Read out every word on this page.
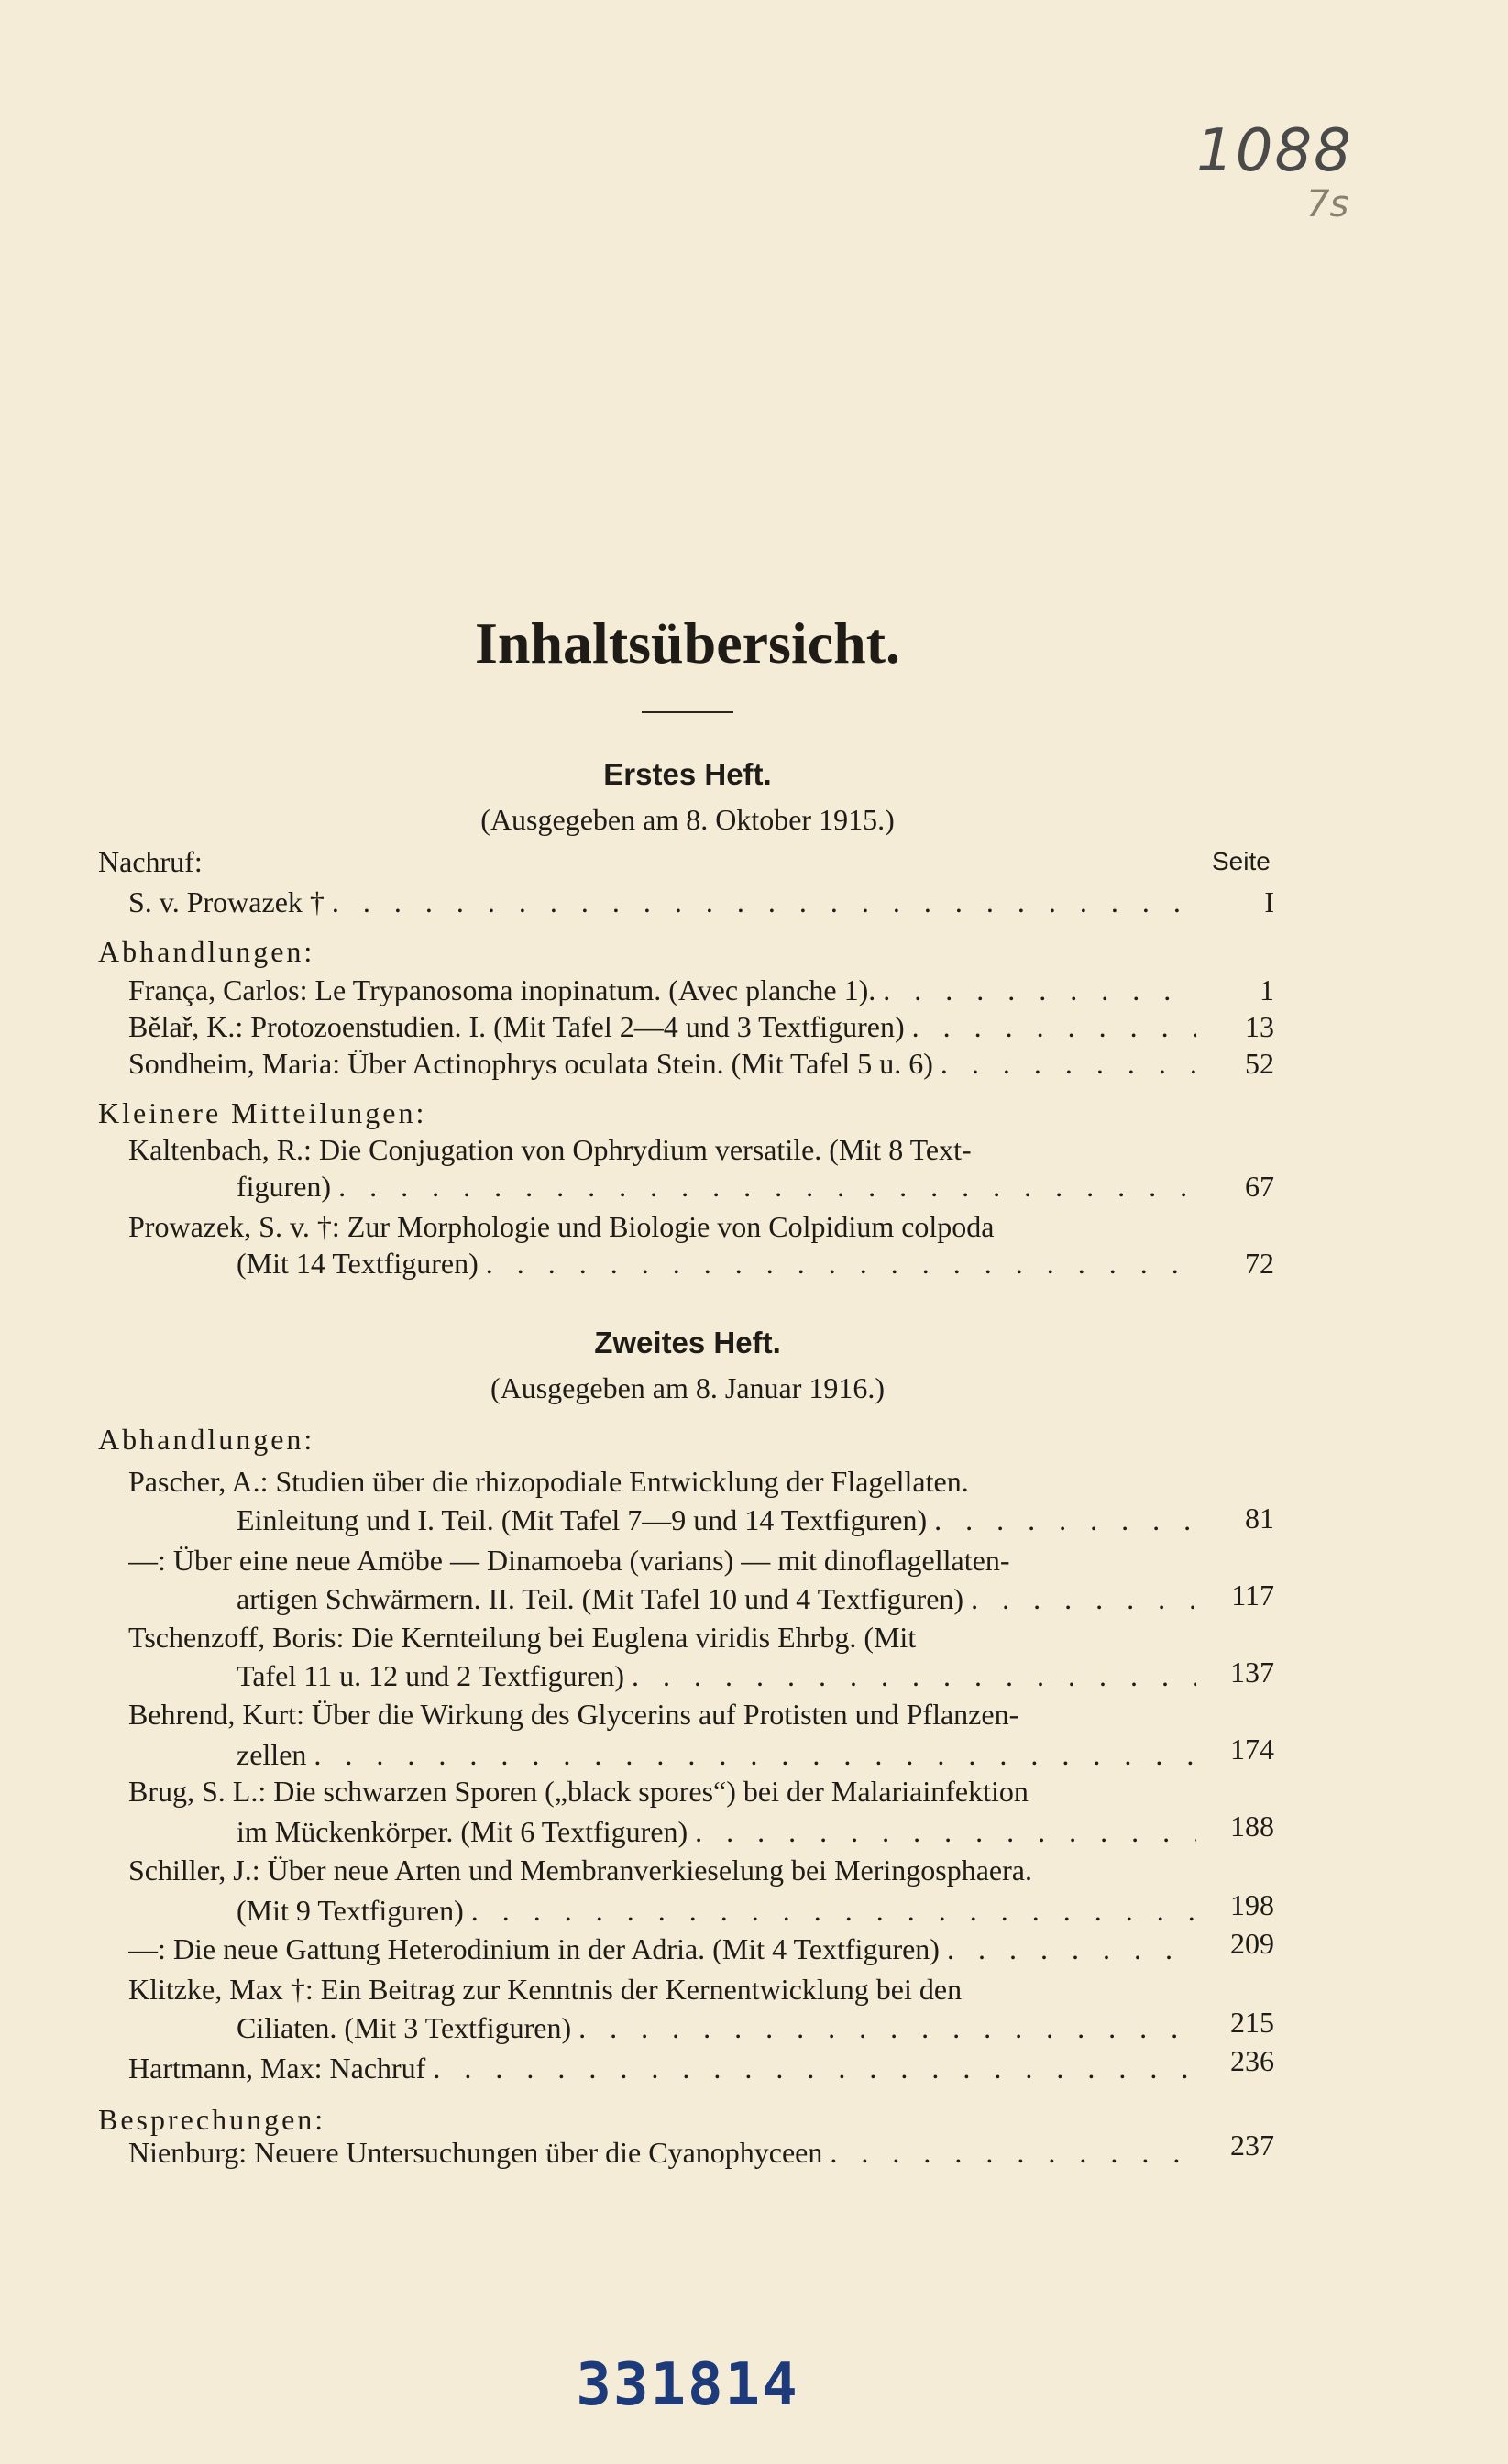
1088
7s
Inhaltsübersicht.
Erstes Heft.
(Ausgegeben am 8. Oktober 1915.)
Nachruf:	Seite
S. v. Prowazek † . . .	I
Abhandlungen:
França, Carlos: Le Trypanosoma inopinatum. (Avec planche 1). . . .	1
Bělař, K.: Protozoenstudien. I. (Mit Tafel 2—4 und 3 Textfiguren) . . .	13
Sondheim, Maria: Über Actinophrys oculata Stein. (Mit Tafel 5 u. 6) . . .	52
Kleinere Mitteilungen:
Kaltenbach, R.: Die Conjugation von Ophrydium versatile. (Mit 8 Text-
figuren) . . .	67
Prowazek, S. v. †: Zur Morphologie und Biologie von Colpidium colpoda
(Mit 14 Textfiguren) . . .	72
Zweites Heft.
(Ausgegeben am 8. Januar 1916.)
Abhandlungen:
Pascher, A.: Studien über die rhizopodiale Entwicklung der Flagellaten.
Einleitung und I. Teil. (Mit Tafel 7—9 und 14 Textfiguren) . . .	81
—: Über eine neue Amöbe — Dinamoeba (varians) — mit dinoflagellaten-
artigen Schwärmern. II. Teil. (Mit Tafel 10 und 4 Textfiguren) . . .	117
Tschenzoff, Boris: Die Kernteilung bei Euglena viridis Ehrbg. (Mit
Tafel 11 u. 12 und 2 Textfiguren) . . .	137
Behrend, Kurt: Über die Wirkung des Glycerins auf Protisten und Pflanzen-
zellen . . .	174
Brug, S. L.: Die schwarzen Sporen („black spores“) bei der Malariainfektion
im Mückenkörper. (Mit 6 Textfiguren) . . .	188
Schiller, J.: Über neue Arten und Membranverkieselung bei Meringosphaera.
(Mit 9 Textfiguren) . . .	198
—: Die neue Gattung Heterodinium in der Adria. (Mit 4 Textfiguren) . . .	209
Klitzke, Max †: Ein Beitrag zur Kenntnis der Kernentwicklung bei den
Ciliaten. (Mit 3 Textfiguren) . . .	215
Hartmann, Max: Nachruf . . .	236
Besprechungen:
Nienburg: Neuere Untersuchungen über die Cyanophyceen . . .	237
331814
